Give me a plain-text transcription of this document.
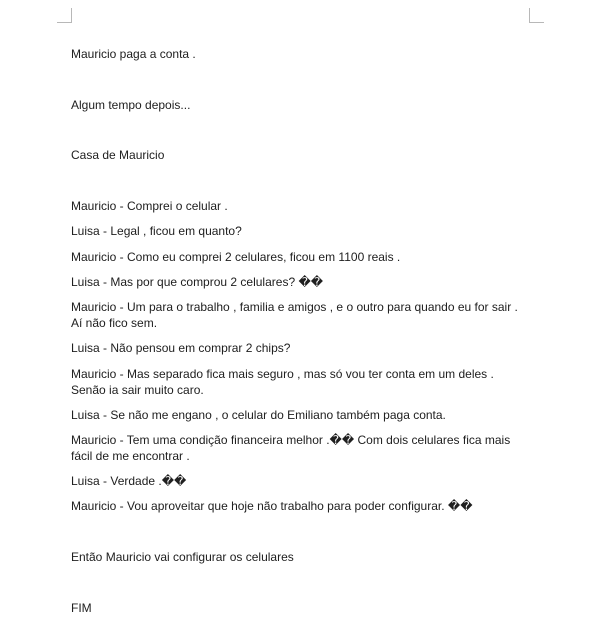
Mauricio paga a conta .

Algum tempo depois...

Casa de Mauricio

Mauricio - Comprei o celular .

Luisa - Legal , ficou em quanto?

Mauricio - Como eu comprei 2 celulares, ficou em 1100 reais .

Luisa - Mas por que comprou 2 celulares? ��

Mauricio - Um para o trabalho , familia e amigos , e o outro para quando eu for sair . Aí não fico sem.

Luisa - Não pensou em comprar 2 chips?

Mauricio - Mas separado fica mais seguro , mas só vou ter conta em um deles . Senão ia sair muito caro.

Luisa - Se não me engano , o celular do Emiliano também paga conta.

Mauricio - Tem uma condição financeira melhor .�� Com dois celulares fica mais fácil de me encontrar .

Luisa - Verdade .��

Mauricio - Vou aproveitar que hoje não trabalho para poder configurar. ��

Então Mauricio vai configurar os celulares

FIM
